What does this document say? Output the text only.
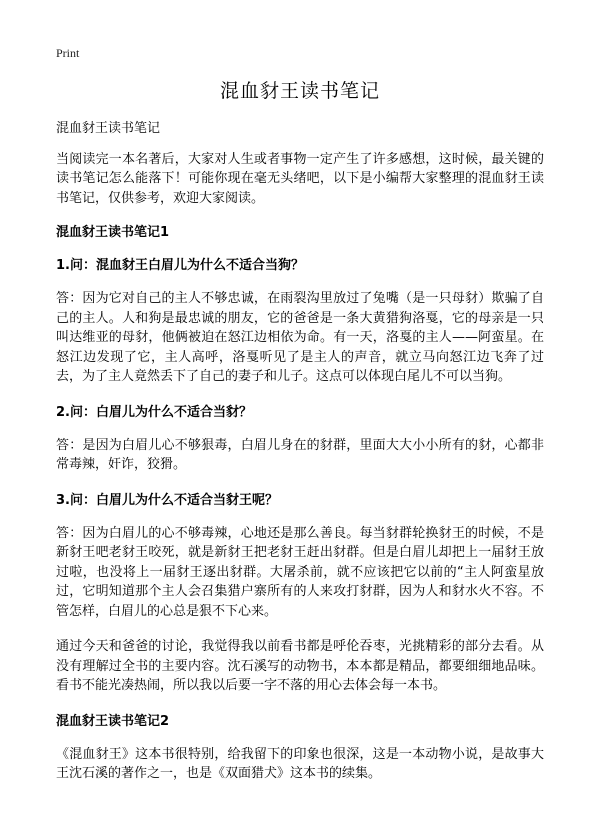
Print
混血豺王读书笔记

混血豺王读书笔记

当阅读完一本名著后，大家对人生或者事物一定产生了许多感想，这时候，最关键的读书笔记怎么能落下！可能你现在毫无头绪吧，以下是小编帮大家整理的混血豺王读书笔记，仅供参考，欢迎大家阅读。

混血豺王读书笔记1
1.问：混血豺王白眉儿为什么不适合当狗？

答：因为它对自己的主人不够忠诚，在雨裂沟里放过了兔嘴（是一只母豺）欺骗了自己的主人。人和狗是最忠诚的朋友，它的爸爸是一条大黄猎狗洛戛，它的母亲是一只叫达维亚的母豺，他俩被迫在怒江边相依为命。有一天，洛戛的主人——阿蛮星。在怒江边发现了它，主人高呼，洛戛听见了是主人的声音，就立马向怒江边飞奔了过去，为了主人竟然丢下了自己的妻子和儿子。这点可以体现白尾儿不可以当狗。

2.问：白眉儿为什么不适合当豺？

答：是因为白眉儿心不够狠毒，白眉儿身在的豺群，里面大大小小所有的豺，心都非常毒辣，奸诈，狡猾。

3.问：白眉儿为什么不适合当豺王呢？

答：因为白眉儿的心不够毒辣，心地还是那么善良。每当豺群轮换豺王的时候，不是新豺王吧老豺王咬死，就是新豺王把老豺王赶出豺群。但是白眉儿却把上一届豺王放过啦，也没将上一届豺王逐出豺群。大屠杀前，就不应该把它以前的“主人阿蛮星放过，它明知道那个主人会召集猎户寨所有的人来攻打豺群，因为人和豺水火不容。不管怎样，白眉儿的心总是狠不下心来。

通过今天和爸爸的讨论，我觉得我以前看书都是呼伦吞枣，光挑精彩的部分去看。从没有理解过全书的主要内容。沈石溪写的动物书，本本都是精品，都要细细地品味。看书不能光凑热闹，所以我以后要一字不落的用心去体会每一本书。

混血豺王读书笔记2

《混血豺王》这本书很特别，给我留下的印象也很深，这是一本动物小说，是故事大王沈石溪的著作之一，也是《双面猎犬》这本书的续集。
